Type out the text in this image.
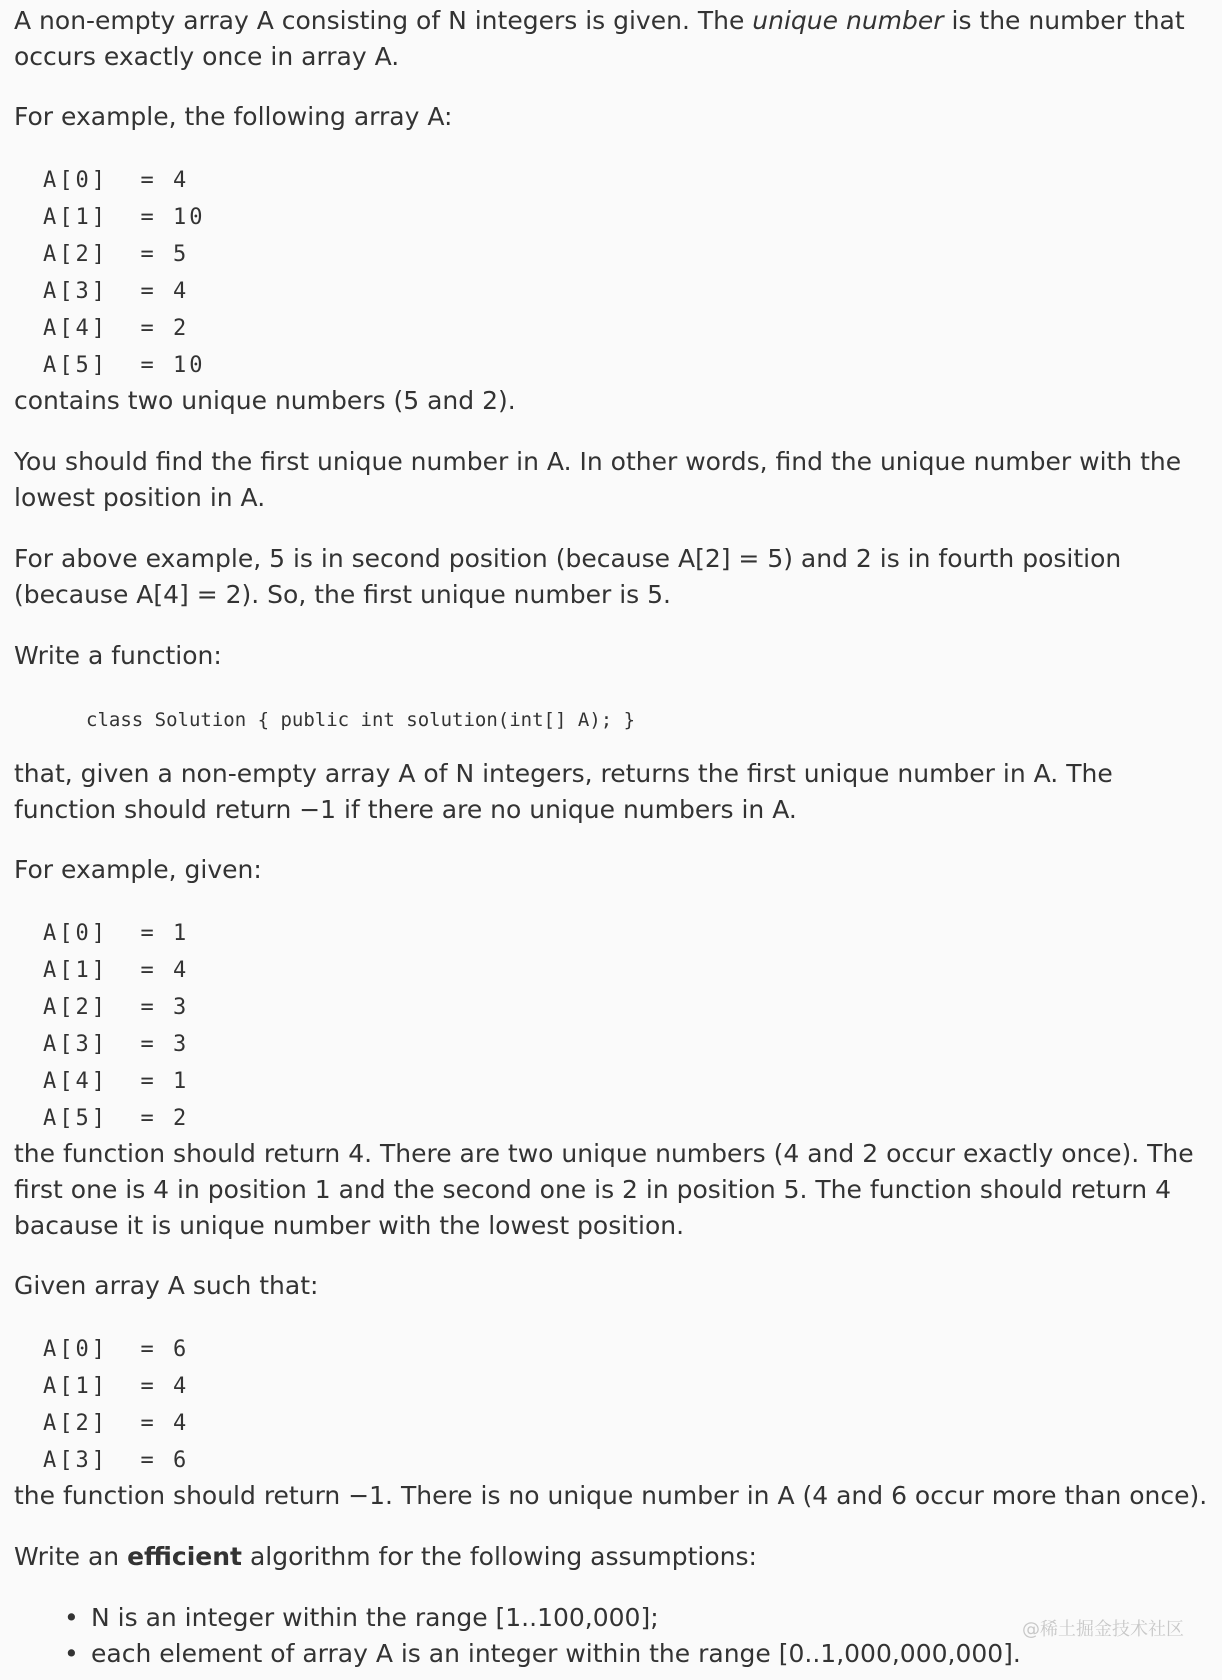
A non-empty array A consisting of N integers is given. The unique number is the number that occurs exactly once in array A.

For example, the following array A:

A[0]  = 4
A[1]  = 10
A[2]  = 5
A[3]  = 4
A[4]  = 2
A[5]  = 10

contains two unique numbers (5 and 2).

You should find the first unique number in A. In other words, find the unique number with the lowest position in A.

For above example, 5 is in second position (because A[2] = 5) and 2 is in fourth position (because A[4] = 2). So, the first unique number is 5.

Write a function:

class Solution { public int solution(int[] A); }

that, given a non-empty array A of N integers, returns the first unique number in A. The function should return −1 if there are no unique numbers in A.

For example, given:

A[0]  = 1
A[1]  = 4
A[2]  = 3
A[3]  = 3
A[4]  = 1
A[5]  = 2

the function should return 4. There are two unique numbers (4 and 2 occur exactly once). The first one is 4 in position 1 and the second one is 2 in position 5. The function should return 4 bacause it is unique number with the lowest position.

Given array A such that:

A[0]  = 6
A[1]  = 4
A[2]  = 4
A[3]  = 6

the function should return −1. There is no unique number in A (4 and 6 occur more than once).

Write an efficient algorithm for the following assumptions:

• N is an integer within the range [1..100,000];
• each element of array A is an integer within the range [0..1,000,000,000].
@稀土掘金技术社区
